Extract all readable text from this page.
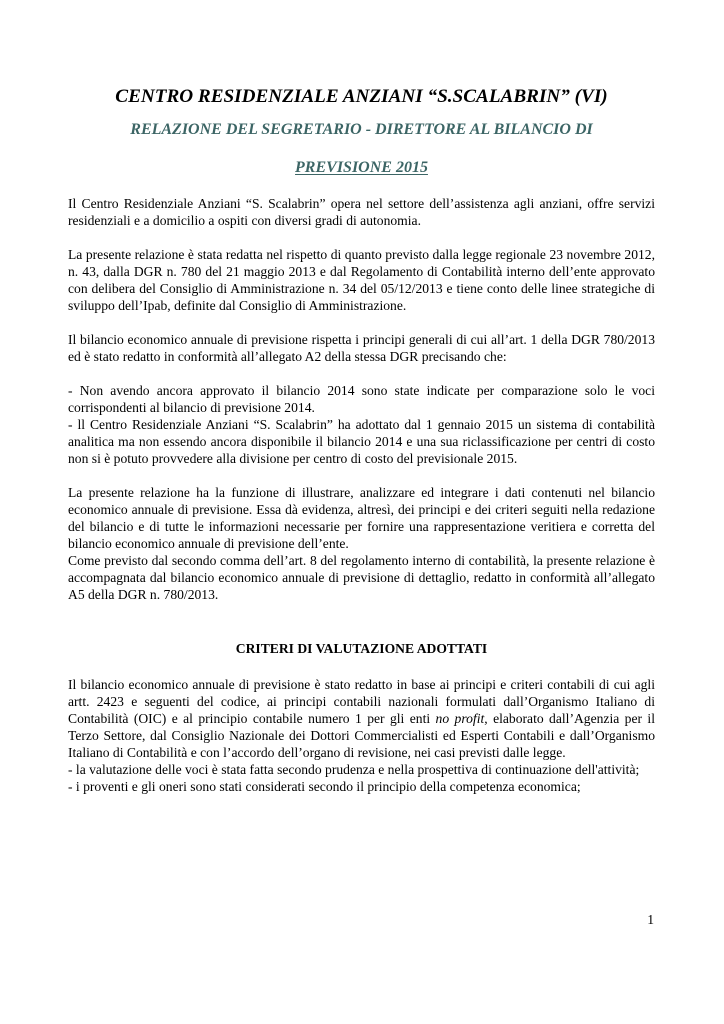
CENTRO RESIDENZIALE ANZIANI “S.SCALABRIN” (VI)
RELAZIONE DEL SEGRETARIO - DIRETTORE AL BILANCIO DI
PREVISIONE 2015

Il Centro Residenziale Anziani “S. Scalabrin” opera nel settore dell’assistenza agli anziani, offre servizi residenziali e a domicilio a ospiti con diversi gradi di autonomia.

La presente relazione è stata redatta nel rispetto di quanto previsto dalla legge regionale 23 novembre 2012, n. 43, dalla DGR n. 780 del 21 maggio 2013 e dal Regolamento di Contabilità interno dell’ente approvato con delibera del Consiglio di Amministrazione n. 34 del 05/12/2013 e tiene conto delle linee strategiche di sviluppo dell’Ipab, definite dal Consiglio di Amministrazione.

Il bilancio economico annuale di previsione rispetta i principi generali di cui all’art. 1 della DGR 780/2013 ed è stato redatto in conformità all’allegato A2 della stessa DGR precisando che:

- Non avendo ancora approvato il bilancio 2014 sono state indicate per comparazione solo le voci corrispondenti al bilancio di previsione 2014.

- ll Centro Residenziale Anziani “S. Scalabrin” ha adottato dal 1 gennaio 2015 un sistema di contabilità analitica ma non essendo ancora disponibile il bilancio 2014 e una sua riclassificazione per centri di costo non si è potuto provvedere alla divisione per centro di costo del previsionale 2015.

La presente relazione ha la funzione di illustrare, analizzare ed integrare i dati contenuti nel bilancio economico annuale di previsione. Essa dà evidenza, altresì, dei principi e dei criteri seguiti nella redazione del bilancio e di tutte le informazioni necessarie per fornire una rappresentazione veritiera e corretta del bilancio economico annuale di previsione dell’ente.

Come previsto dal secondo comma dell’art. 8 del regolamento interno di contabilità, la presente relazione è accompagnata dal bilancio economico annuale di previsione di dettaglio, redatto in conformità all’allegato A5 della DGR n. 780/2013.

CRITERI DI VALUTAZIONE ADOTTATI

Il bilancio economico annuale di previsione è stato redatto in base ai principi e criteri contabili di cui agli artt. 2423 e seguenti del codice, ai principi contabili nazionali formulati dall’Organismo Italiano di Contabilità (OIC) e al principio contabile numero 1 per gli enti no profit, elaborato dall’Agenzia per il Terzo Settore, dal Consiglio Nazionale dei Dottori Commercialisti ed Esperti Contabili e dall’Organismo Italiano di Contabilità e con l’accordo dell’organo di revisione, nei casi previsti dalle legge.

- la valutazione delle voci è stata fatta secondo prudenza e nella prospettiva di continuazione dell'attività;

- i proventi e gli oneri sono stati considerati secondo il principio della competenza economica;

1
